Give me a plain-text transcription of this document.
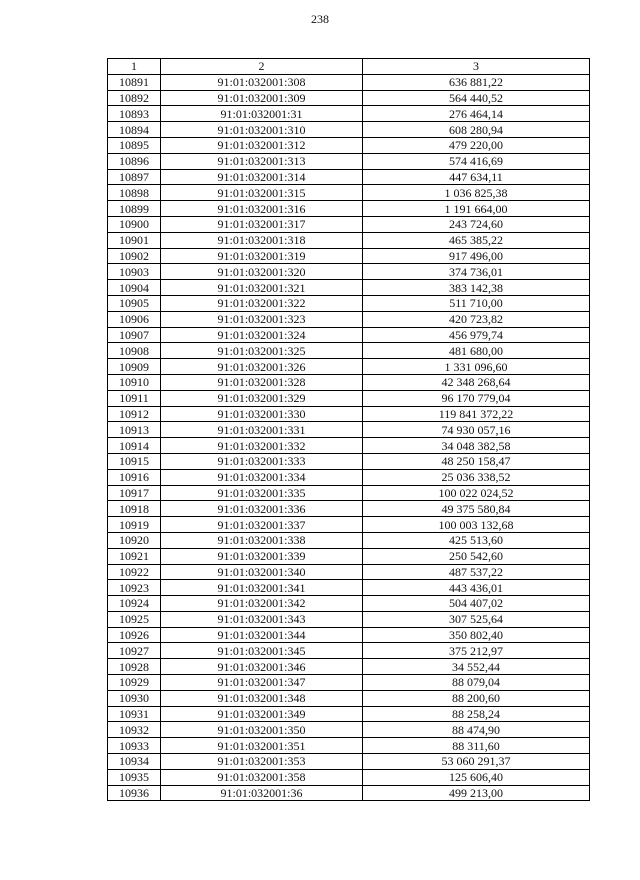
238
1	2	3
10891	91:01:032001:308	636 881,22
10892	91:01:032001:309	564 440,52
10893	91:01:032001:31	276 464,14
10894	91:01:032001:310	608 280,94
10895	91:01:032001:312	479 220,00
10896	91:01:032001:313	574 416,69
10897	91:01:032001:314	447 634,11
10898	91:01:032001:315	1 036 825,38
10899	91:01:032001:316	1 191 664,00
10900	91:01:032001:317	243 724,60
10901	91:01:032001:318	465 385,22
10902	91:01:032001:319	917 496,00
10903	91:01:032001:320	374 736,01
10904	91:01:032001:321	383 142,38
10905	91:01:032001:322	511 710,00
10906	91:01:032001:323	420 723,82
10907	91:01:032001:324	456 979,74
10908	91:01:032001:325	481 680,00
10909	91:01:032001:326	1 331 096,60
10910	91:01:032001:328	42 348 268,64
10911	91:01:032001:329	96 170 779,04
10912	91:01:032001:330	119 841 372,22
10913	91:01:032001:331	74 930 057,16
10914	91:01:032001:332	34 048 382,58
10915	91:01:032001:333	48 250 158,47
10916	91:01:032001:334	25 036 338,52
10917	91:01:032001:335	100 022 024,52
10918	91:01:032001:336	49 375 580,84
10919	91:01:032001:337	100 003 132,68
10920	91:01:032001:338	425 513,60
10921	91:01:032001:339	250 542,60
10922	91:01:032001:340	487 537,22
10923	91:01:032001:341	443 436,01
10924	91:01:032001:342	504 407,02
10925	91:01:032001:343	307 525,64
10926	91:01:032001:344	350 802,40
10927	91:01:032001:345	375 212,97
10928	91:01:032001:346	34 552,44
10929	91:01:032001:347	88 079,04
10930	91:01:032001:348	88 200,60
10931	91:01:032001:349	88 258,24
10932	91:01:032001:350	88 474,90
10933	91:01:032001:351	88 311,60
10934	91:01:032001:353	53 060 291,37
10935	91:01:032001:358	125 606,40
10936	91:01:032001:36	499 213,00
